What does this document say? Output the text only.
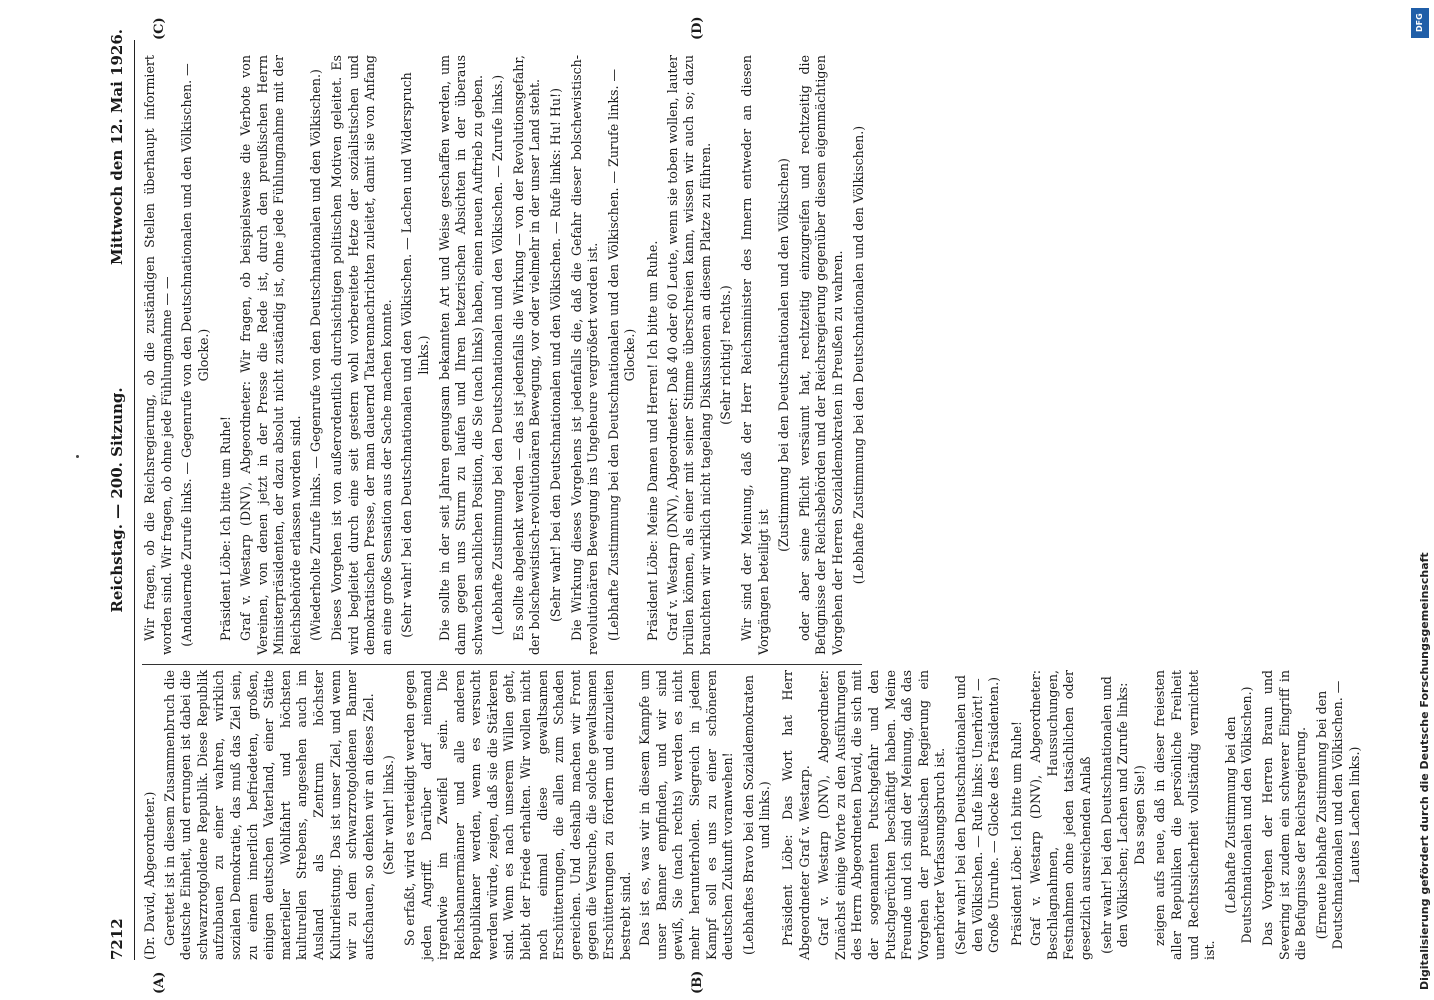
7212
Reichstag. — 200. Sitzung.
Mittwoch den 12. Mai 1926.
(A)	(B)
(C)	(D)

(Dr. David, Abgeordneter.) Gerettet ist in diesem Zusammenbruch die deutsche Einheit, und errungen ist dabei die schwarzrotgoldene Republik. Diese Republik aufzubauen zu einer wahren, wirklich sozialen Demokratie, das muß das Ziel sein, zu einem innerlich befriedeten, großen, einigen deutschen Vaterland, einer Stätte materieller Wohlfahrt und höchsten kulturellen Strebens, angesehen auch im Ausland als Zentrum höchster Kulturleistung. Das ist unser Ziel, und wenn wir zu dem schwarzrotgoldenen Banner aufschauen, so denken wir an dieses Ziel. (Sehr wahr! links.) So erfaßt, wird es verteidigt werden gegen jeden Angriff. Darüber darf niemand irgendwie im Zweifel sein. Die Reichsbannermänner und alle anderen Republikaner werden, wenn es versucht werden würde, zeigen, daß sie die Stärkeren sind. Wenn es nach unserem Willen geht, bleibt der Friede erhalten. Wir wollen nicht noch einmal diese gewaltsamen Erschütterungen, die allen zum Schaden gereichen. Und deshalb machen wir Front gegen die Versuche, die solche gewaltsamen Erschütterungen zu fördern und einzuleiten bestrebt sind. Das ist es, was wir in diesem Kampfe um unser Banner empfinden, und wir sind gewiß, Sie (nach rechts) werden es nicht mehr herunterholen. Siegreich in jedem Kampf soll es uns zu einer schöneren deutschen Zukunft voranwehen! (Lebhaftes Bravo bei den Sozialdemokraten und links.) Präsident Löbe: Das Wort hat Herr Abgeordneter Graf v. Westarp. Graf v. Westarp (DNV), Abgeordneter: Zunächst einige Worte zu den Ausführungen des Herrn Abgeordneten David, die sich mit der sogenannten Putschgefahr und den Putschgerüchten beschäftigt haben. Meine Freunde und ich sind der Meinung, daß das Vorgehen der preußischen Regierung ein unerhörter Verfassungsbruch ist. (Sehr wahr! bei den Deutschnationalen und den Völkischen. — Rufe links: Unerhört! — Große Unruhe. — Glocke des Präsidenten.) Präsident Löbe: Ich bitte um Ruhe! Graf v. Westarp (DNV), Abgeordneter: Beschlagnahmen, Haussuchungen, Festnahmen ohne jeden tatsächlichen oder gesetzlich ausreichenden Anlaß (sehr wahr! bei den Deutschnationalen und den Völkischen; Lachen und Zurufe links: Das sagen Sie!) zeigen aufs neue, daß in dieser freiesten aller Republiken die persönliche Freiheit und Rechtssicherheit vollständig vernichtet ist.

(Lebhafte Zustimmung bei den Deutschnationalen und den Völkischen.) Das Vorgehen der Herren Braun und Severing ist zudem ein schwerer Eingriff in die Befugnisse der Reichsregierung. (Erneute lebhafte Zustimmung bei den Deutschnationalen und den Völkischen. — Lautes Lachen links.)

Wir fragen, ob die Reichsregierung, ob die zuständigen Stellen überhaupt informiert worden sind. Wir fragen, ob ohne jede Fühlungnahme — — (Andauernde Zurufe links. — Gegenrufe von den Deutschnationalen und den Völkischen. — Glocke.)

Präsident Löbe: Ich bitte um Ruhe! Graf v. Westarp (DNV), Abgeordneter: Wir fragen, ob beispielsweise die Verbote von Vereinen, von denen jetzt in der Presse die Rede ist, durch den preußischen Herrn Ministerpräsidenten, der dazu absolut nicht zuständig ist, ohne jede Fühlungnahme mit der Reichsbehörde erlassen worden sind. (Wiederholte Zurufe links. — Gegenrufe von den Deutschnationalen und den Völkischen.) Dieses Vorgehen ist von außerordentlich durchsichtigen politischen Motiven geleitet. Es wird begleitet durch eine seit gestern wohl vorbereitete Hetze der sozialistischen und demokratischen Presse, der man dauernd Tatarennachrichten zuleitet, damit sie von Anfang an eine große Sensation aus der Sache machen konnte. (Sehr wahr! bei den Deutschnationalen und den Völkischen. — Lachen und Widerspruch links.) Die sollte in der seit Jahren genugsam bekannten Art und Weise geschaffen werden, um dann gegen uns Sturm zu laufen und Ihren hetzerischen Absichten in der überaus schwachen sachlichen Position, die Sie (nach links) haben, einen neuen Auftrieb zu geben. (Lebhafte Zustimmung bei den Deutschnationalen und den Völkischen. — Zurufe links.) Es sollte abgelenkt werden — das ist jedenfalls die Wirkung — von der Revolutionsgefahr, der bolschewistisch-revolutionären Bewegung, vor oder vielmehr in der unser Land steht. (Sehr wahr! bei den Deutschnationalen und den Völkischen. — Rufe links: Hu! Hu!) Die Wirkung dieses Vorgehens ist jedenfalls die, daß die Gefahr dieser bolschewistisch-revolutionären Bewegung ins Ungeheure vergrößert worden ist. (Lebhafte Zustimmung bei den Deutschnationalen und den Völkischen. — Zurufe links. — Glocke.) Präsident Löbe: Meine Damen und Herren! Ich bitte um Ruhe. Graf v. Westarp (DNV), Abgeordneter: Daß 40 oder 60 Leute, wenn sie toben wollen, lauter brüllen können, als einer mit seiner Stimme überschreien kann, wissen wir auch so; dazu brauchten wir wirklich nicht tagelang Diskussionen an diesem Platze zu führen. (Sehr richtig! rechts.) Wir sind der Meinung, daß der Herr Reichsminister des Innern entweder an diesen Vorgängen beteiligt ist

(Zustimmung bei den Deutschnationalen und den Völkischen) oder aber seine Pflicht versäumt hat, rechtzeitig einzugreifen und rechtzeitig die Befugnisse der Reichsbehörden und der Reichsregierung gegenüber diesem eigenmächtigen Vorgehen der Herren Sozialdemokraten in Preußen zu wahren. (Lebhafte Zustimmung bei den Deutschnationalen und den Völkischen.)

DFG
Digitalisierung gefördert durch die Deutsche Forschungsgemeinschaft
